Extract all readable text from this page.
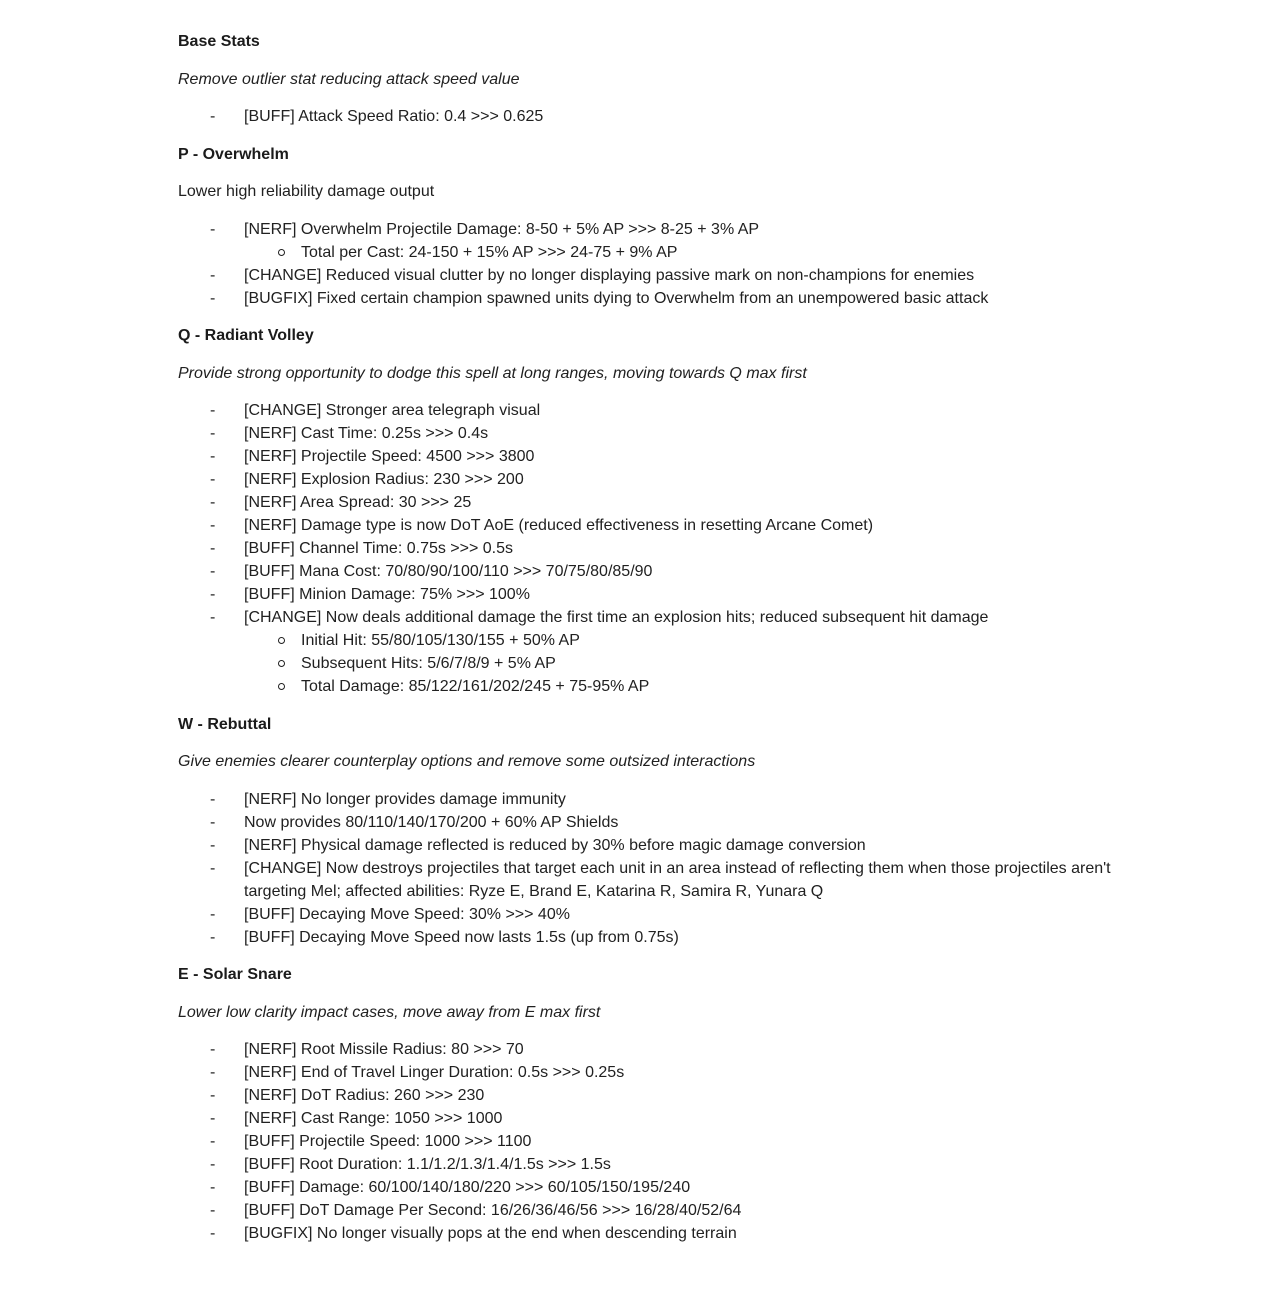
Base Stats

Remove outlier stat reducing attack speed value

- [BUFF] Attack Speed Ratio: 0.4 >>> 0.625
P - Overwhelm

Lower high reliability damage output

- [NERF] Overwhelm Projectile Damage: 8-50 + 5% AP >>> 8-25 + 3% AP
Total per Cast: 24-150 + 15% AP >>> 24-75 + 9% AP
- [CHANGE] Reduced visual clutter by no longer displaying passive mark on non-champions for enemies
- [BUGFIX] Fixed certain champion spawned units dying to Overwhelm from an unempowered basic attack
Q - Radiant Volley

Provide strong opportunity to dodge this spell at long ranges, moving towards Q max first

- [CHANGE] Stronger area telegraph visual
- [NERF] Cast Time: 0.25s >>> 0.4s
- [NERF] Projectile Speed: 4500 >>> 3800
- [NERF] Explosion Radius: 230 >>> 200
- [NERF] Area Spread: 30 >>> 25
- [NERF] Damage type is now DoT AoE (reduced effectiveness in resetting Arcane Comet)
- [BUFF] Channel Time: 0.75s >>> 0.5s
- [BUFF] Mana Cost: 70/80/90/100/110 >>> 70/75/80/85/90
- [BUFF] Minion Damage: 75% >>> 100%
- [CHANGE] Now deals additional damage the first time an explosion hits; reduced subsequent hit damage
Initial Hit: 55/80/105/130/155 + 50% AP
Subsequent Hits: 5/6/7/8/9 + 5% AP
Total Damage: 85/122/161/202/245 + 75-95% AP
W - Rebuttal

Give enemies clearer counterplay options and remove some outsized interactions

- [NERF] No longer provides damage immunity
- Now provides 80/110/140/170/200 + 60% AP Shields
- [NERF] Physical damage reflected is reduced by 30% before magic damage conversion
- [CHANGE] Now destroys projectiles that target each unit in an area instead of reflecting them when those projectiles aren't targeting Mel; affected abilities: Ryze E, Brand E, Katarina R, Samira R, Yunara Q
- [BUFF] Decaying Move Speed: 30% >>> 40%
- [BUFF] Decaying Move Speed now lasts 1.5s (up from 0.75s)
E - Solar Snare

Lower low clarity impact cases, move away from E max first

- [NERF] Root Missile Radius: 80 >>> 70
- [NERF] End of Travel Linger Duration: 0.5s >>> 0.25s
- [NERF] DoT Radius: 260 >>> 230
- [NERF] Cast Range: 1050 >>> 1000
- [BUFF] Projectile Speed: 1000 >>> 1100
- [BUFF] Root Duration: 1.1/1.2/1.3/1.4/1.5s >>> 1.5s
- [BUFF] Damage: 60/100/140/180/220 >>> 60/105/150/195/240
- [BUFF] DoT Damage Per Second: 16/26/36/46/56 >>> 16/28/40/52/64
- [BUGFIX] No longer visually pops at the end when descending terrain
